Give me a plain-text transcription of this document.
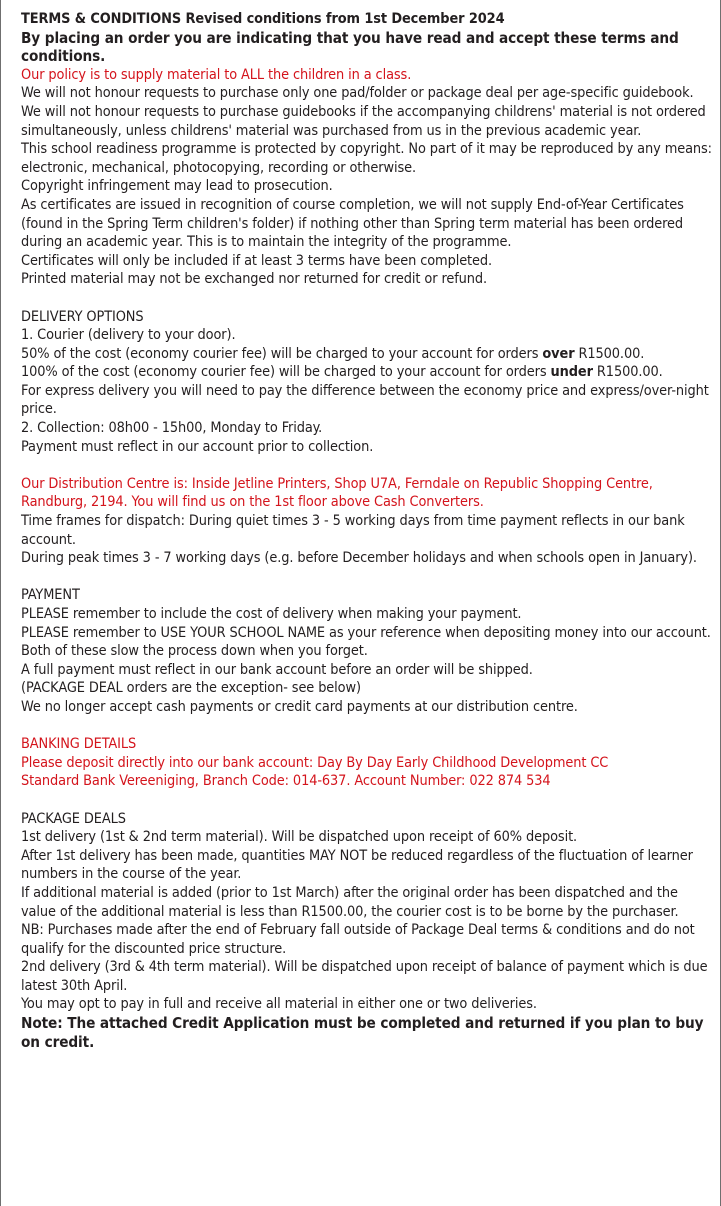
TERMS & CONDITIONS Revised conditions from 1st December 2024

By placing an order you are indicating that you have read and accept these terms and conditions.

Our policy is to supply material to ALL the children in a class.

We will not honour requests to purchase only one pad/folder or package deal per age-specific guidebook.

We will not honour requests to purchase guidebooks if the accompanying childrens' material is not ordered simultaneously, unless childrens' material was purchased from us in the previous academic year.

This school readiness programme is protected by copyright. No part of it may be reproduced by any means: electronic, mechanical, photocopying, recording or otherwise.

Copyright infringement may lead to prosecution.

As certificates are issued in recognition of course completion, we will not supply End-of-Year Certificates (found in the Spring Term children's folder) if nothing other than Spring term material has been ordered during an academic year. This is to maintain the integrity of the programme.

Certificates will only be included if at least 3 terms have been completed.

Printed material may not be exchanged nor returned for credit or refund.

DELIVERY OPTIONS

1. Courier (delivery to your door).

50% of the cost (economy courier fee) will be charged to your account for orders over R1500.00.

100% of the cost (economy courier fee) will be charged to your account for orders under R1500.00.

For express delivery you will need to pay the difference between the economy price and express/over-night price.

2. Collection: 08h00 - 15h00, Monday to Friday.

Payment must reflect in our account prior to collection.

Our Distribution Centre is: Inside Jetline Printers, Shop U7A, Ferndale on Republic Shopping Centre, Randburg, 2194. You will find us on the 1st floor above Cash Converters.

Time frames for dispatch: During quiet times 3 - 5 working days from time payment reflects in our bank account.

During peak times 3 - 7 working days (e.g. before December holidays and when schools open in January).

PAYMENT

PLEASE remember to include the cost of delivery when making your payment.

PLEASE remember to USE YOUR SCHOOL NAME as your reference when depositing money into our account.

Both of these slow the process down when you forget.

A full payment must reflect in our bank account before an order will be shipped.

(PACKAGE DEAL orders are the exception- see below)

We no longer accept cash payments or credit card payments at our distribution centre.

BANKING DETAILS

Please deposit directly into our bank account: Day By Day Early Childhood Development CC

Standard Bank Vereeniging, Branch Code: 014-637. Account Number: 022 874 534

PACKAGE DEALS

1st delivery (1st & 2nd term material). Will be dispatched upon receipt of 60% deposit.

After 1st delivery has been made, quantities MAY NOT be reduced regardless of the fluctuation of learner numbers in the course of the year.

If additional material is added (prior to 1st March) after the original order has been dispatched and the value of the additional material is less than R1500.00, the courier cost is to be borne by the purchaser.

NB: Purchases made after the end of February fall outside of Package Deal terms & conditions and do not qualify for the discounted price structure.

2nd delivery (3rd & 4th term material). Will be dispatched upon receipt of balance of payment which is due latest 30th April.

You may opt to pay in full and receive all material in either one or two deliveries.

Note: The attached Credit Application must be completed and returned if you plan to buy on credit.
